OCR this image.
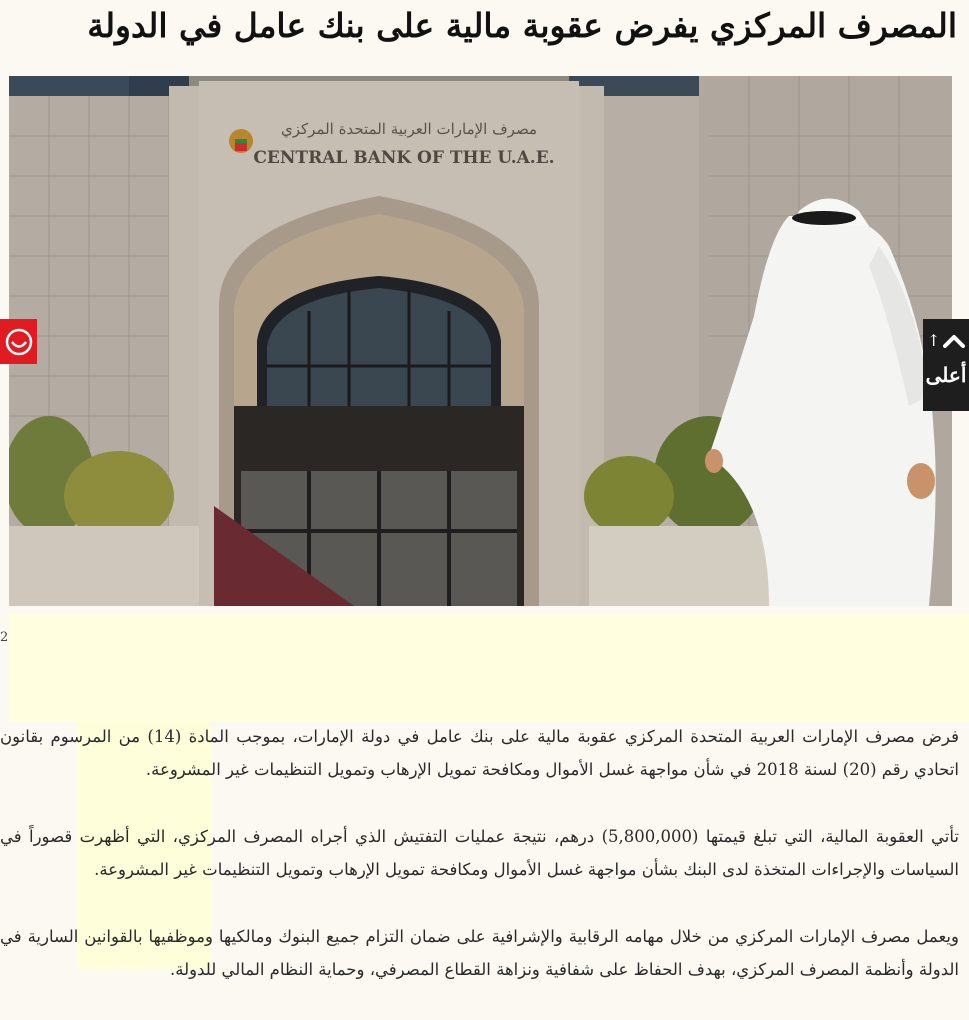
المصرف المركزي يفرض عقوبة مالية على بنك عامل في الدولة
مصرف الإمارات العربية المتحدة المركزي
CENTRAL BANK OF THE U.A.E.
2

فرض مصرف الإمارات العربية المتحدة المركزي عقوبة مالية على بنك عامل في دولة الإمارات، بموجب المادة (14) من المرسوم بقانون اتحادي رقم (20) لسنة 2018 في شأن مواجهة غسل الأموال ومكافحة تمويل الإرهاب وتمويل التنظيمات غير المشروعة.

تأتي العقوبة المالية، التي تبلغ قيمتها (5,800,000) درهم، نتيجة عمليات التفتيش الذي أجراه المصرف المركزي، التي أظهرت قصوراً في السياسات والإجراءات المتخذة لدى البنك بشأن مواجهة غسل الأموال ومكافحة تمويل الإرهاب وتمويل التنظيمات غير المشروعة.

ويعمل مصرف الإمارات المركزي من خلال مهامه الرقابية والإشرافية على ضمان التزام جميع البنوك ومالكيها وموظفيها بالقوانين السارية في الدولة وأنظمة المصرف المركزي، بهدف الحفاظ على شفافية ونزاهة القطاع المصرفي، وحماية النظام المالي للدولة.

↑
أعلى
